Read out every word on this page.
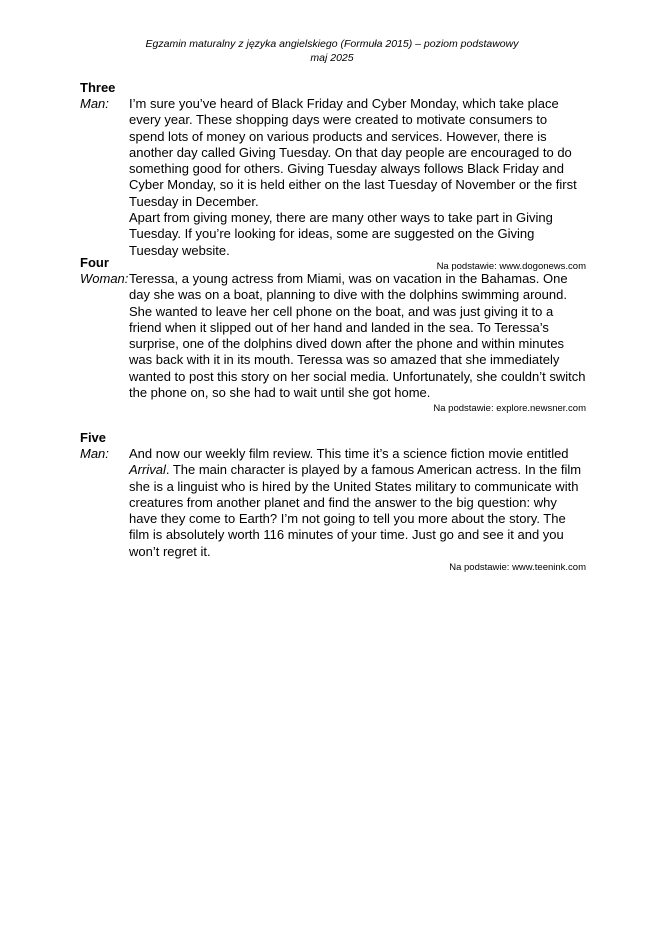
Egzamin maturalny z języka angielskiego (Formuła 2015) – poziom podstawowy
maj 2025
Three
Man:	I’m sure you’ve heard of Black Friday and Cyber Monday, which take place every year. These shopping days were created to motivate consumers to spend lots of money on various products and services. However, there is another day called Giving Tuesday. On that day people are encouraged to do something good for others. Giving Tuesday always follows Black Friday and Cyber Monday, so it is held either on the last Tuesday of November or the first Tuesday in December.

Apart from giving money, there are many other ways to take part in Giving Tuesday. If you’re looking for ideas, some are suggested on the Giving Tuesday website.

Na podstawie: www.dogonews.com
Four
Woman: Teressa, a young actress from Miami, was on vacation in the Bahamas. One day she was on a boat, planning to dive with the dolphins swimming around. She wanted to leave her cell phone on the boat, and was just giving it to a friend when it slipped out of her hand and landed in the sea. To Teressa’s surprise, one of the dolphins dived down after the phone and within minutes was back with it in its mouth. Teressa was so amazed that she immediately wanted to post this story on her social media. Unfortunately, she couldn’t switch the phone on, so she had to wait until she got home.

Na podstawie: explore.newsner.com
Five
Man:	And now our weekly film review. This time it’s a science fiction movie entitled Arrival. The main character is played by a famous American actress. In the film she is a linguist who is hired by the United States military to communicate with creatures from another planet and find the answer to the big question: why have they come to Earth? I’m not going to tell you more about the story. The film is absolutely worth 116 minutes of your time. Just go and see it and you won’t regret it.

Na podstawie: www.teenink.com
